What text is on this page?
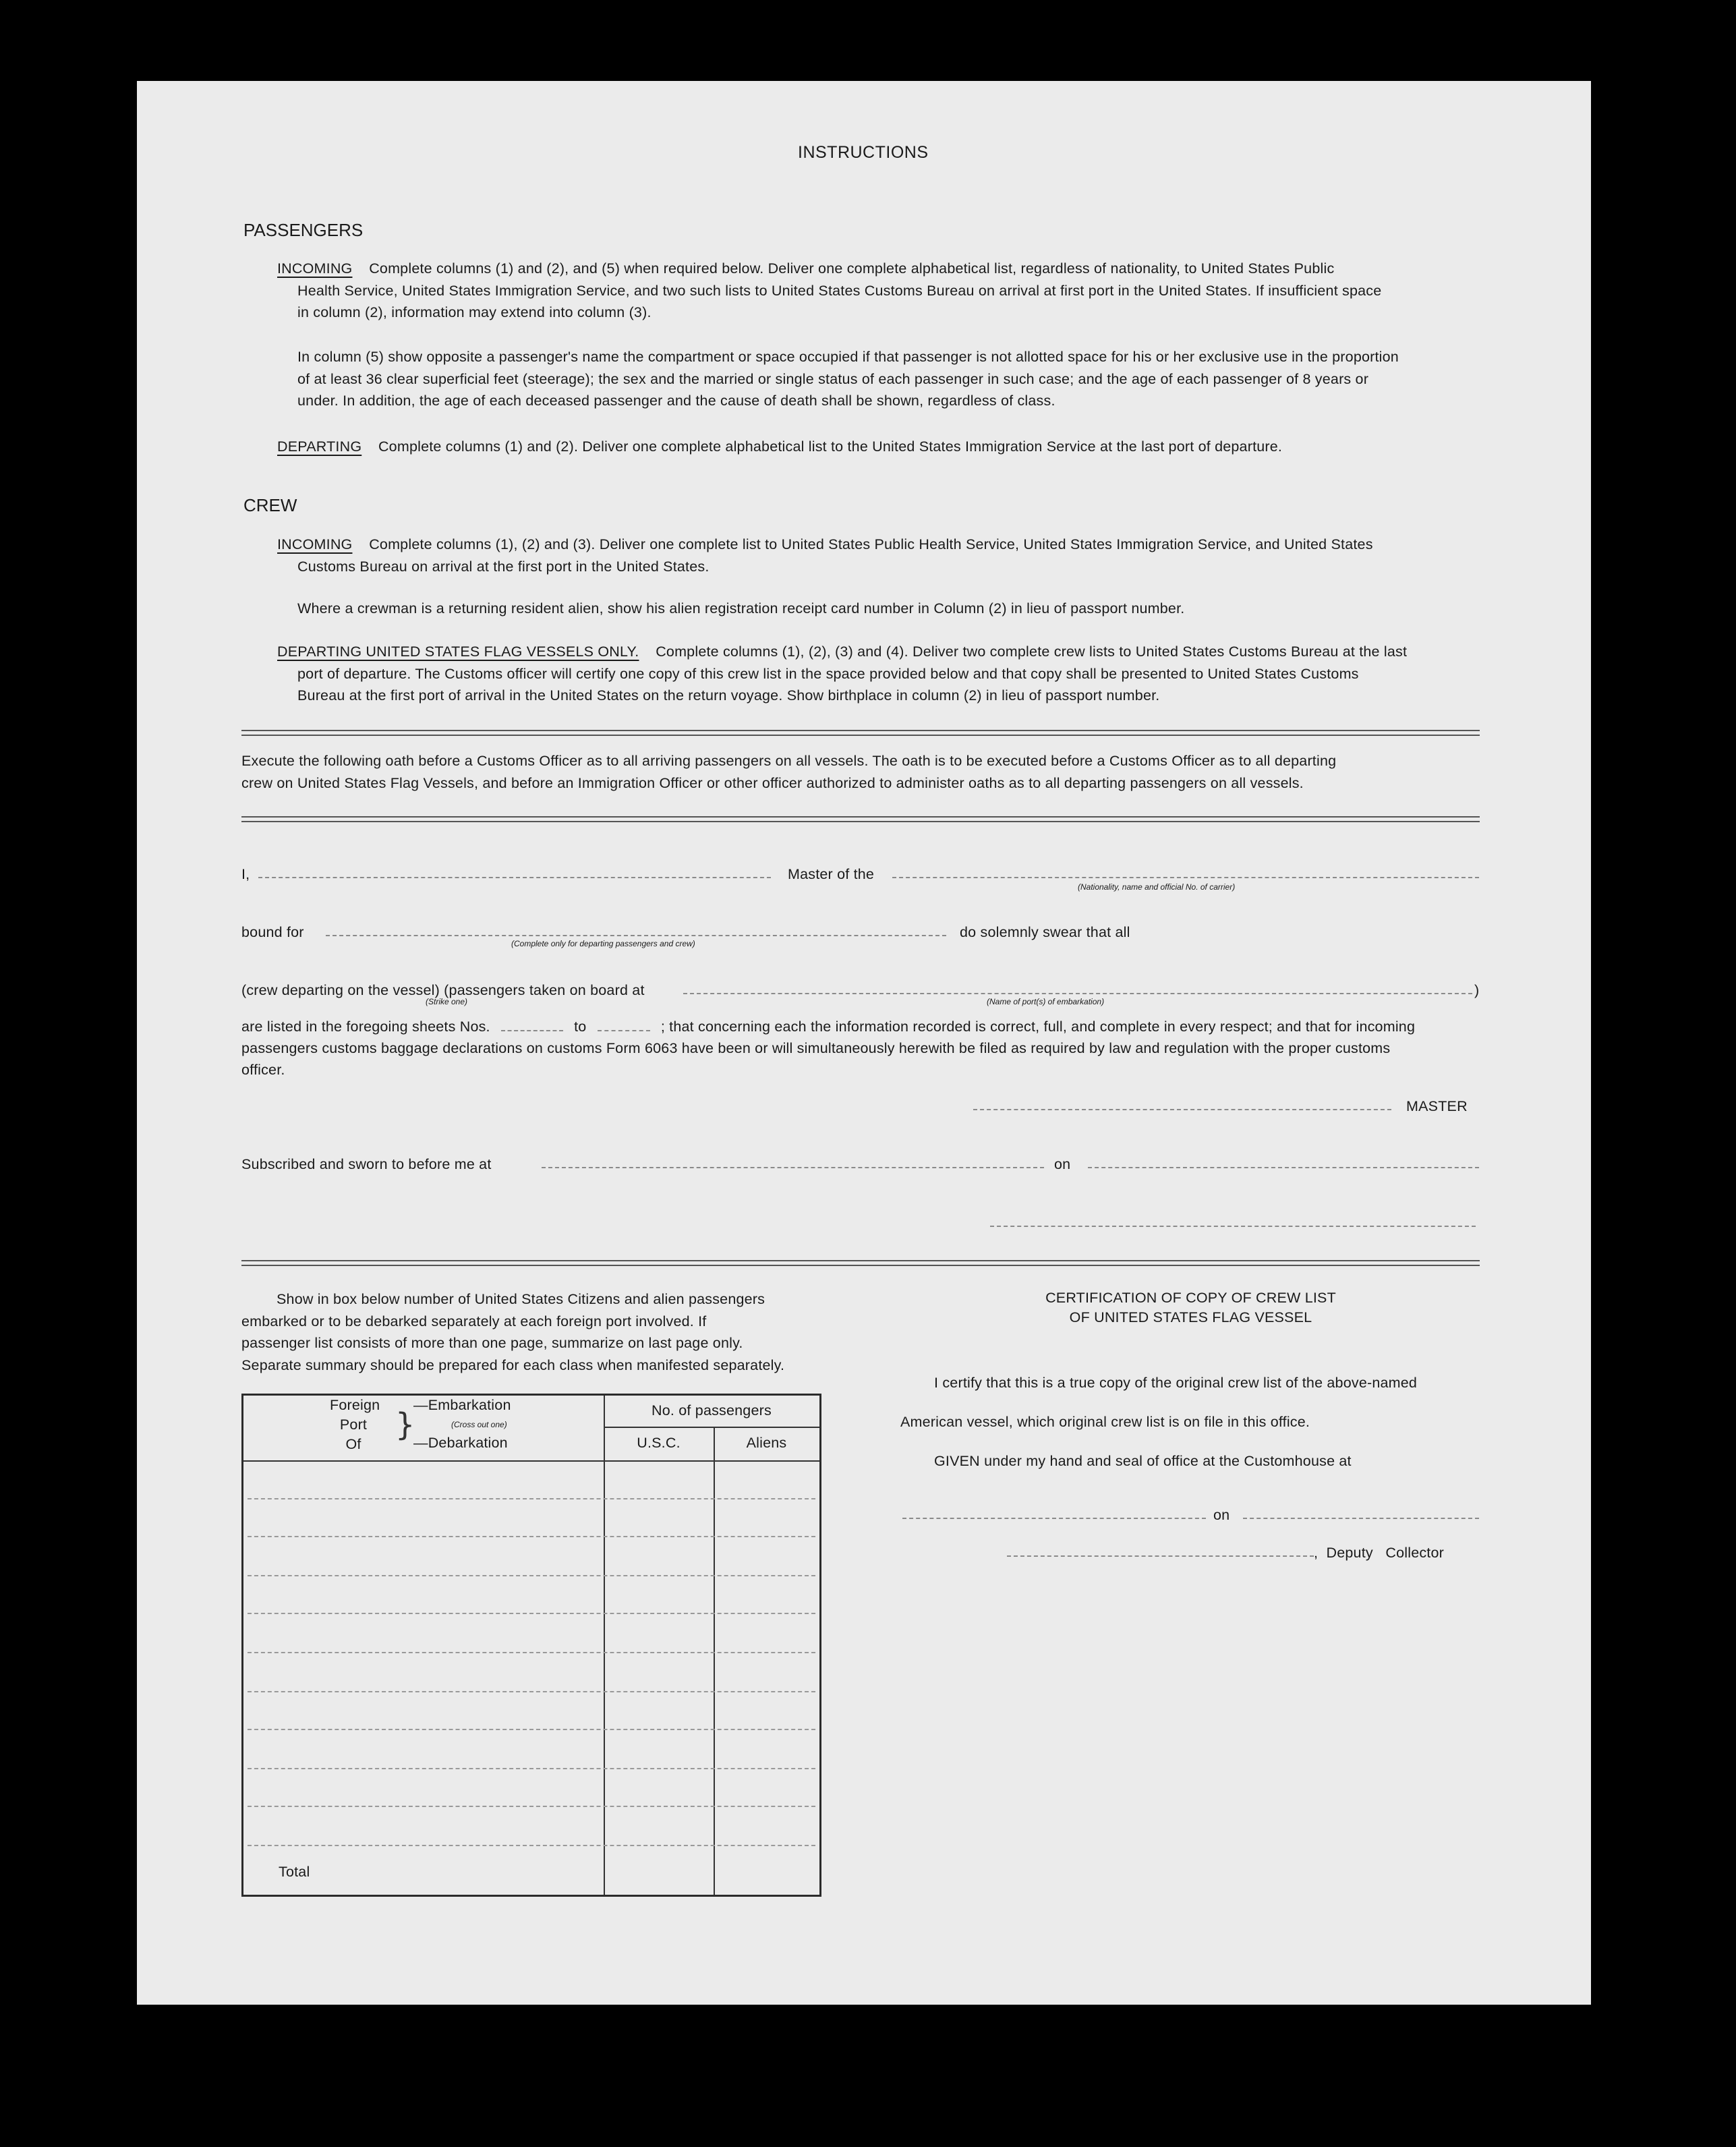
INSTRUCTIONS
PASSENGERS
INCOMING Complete columns (1) and (2), and (5) when required below. Deliver one complete alphabetical list, regardless of nationality, to United States Public
Health Service, United States Immigration Service, and two such lists to United States Customs Bureau on arrival at first port in the United States. If insufficient space
in column (2), information may extend into column (3).
In column (5) show opposite a passenger's name the compartment or space occupied if that passenger is not allotted space for his or her exclusive use in the proportion
of at least 36 clear superficial feet (steerage); the sex and the married or single status of each passenger in such case; and the age of each passenger of 8 years or
under. In addition, the age of each deceased passenger and the cause of death shall be shown, regardless of class.
DEPARTING Complete columns (1) and (2). Deliver one complete alphabetical list to the United States Immigration Service at the last port of departure.
CREW
INCOMING Complete columns (1), (2) and (3). Deliver one complete list to United States Public Health Service, United States Immigration Service, and United States
Customs Bureau on arrival at the first port in the United States.
Where a crewman is a returning resident alien, show his alien registration receipt card number in Column (2) in lieu of passport number.
DEPARTING UNITED STATES FLAG VESSELS ONLY. Complete columns (1), (2), (3) and (4). Deliver two complete crew lists to United States Customs Bureau at the last
port of departure. The Customs officer will certify one copy of this crew list in the space provided below and that copy shall be presented to United States Customs
Bureau at the first port of arrival in the United States on the return voyage. Show birthplace in column (2) in lieu of passport number.
Execute the following oath before a Customs Officer as to all arriving passengers on all vessels. The oath is to be executed before a Customs Officer as to all departing
crew on United States Flag Vessels, and before an Immigration Officer or other officer authorized to administer oaths as to all departing passengers on all vessels.
I,	Master of the
(Nationality, name and official No. of carrier)
bound for
(Complete only for departing passengers and crew)
do solemnly swear that all
(crew departing on the vessel) (passengers taken on board at	)
(Strike one)	(Name of port(s) of embarkation)
are listed in the foregoing sheets Nos.	to	; that concerning each the information recorded is correct, full, and complete in every respect; and that for incoming
passengers customs baggage declarations on customs Form 6063 have been or will simultaneously herewith be filed as required by law and regulation with the proper customs
officer.
MASTER
Subscribed and sworn to before me at	on
Show in box below number of United States Citizens and alien passengers
embarked or to be debarked separately at each foreign port involved. If
passenger list consists of more than one page, summarize on last page only.
Separate summary should be prepared for each class when manifested separately.
Foreign
Port
Of
}
—Embarkation
(Cross out one)
—Debarkation
No. of passengers
U.S.C.	Aliens
Total
CERTIFICATION OF COPY OF CREW LIST
OF UNITED STATES FLAG VESSEL
I certify that this is a true copy of the original crew list of the above-named
American vessel, which original crew list is on file in this office.
GIVEN under my hand and seal of office at the Customhouse at
on
,  Deputy   Collector
